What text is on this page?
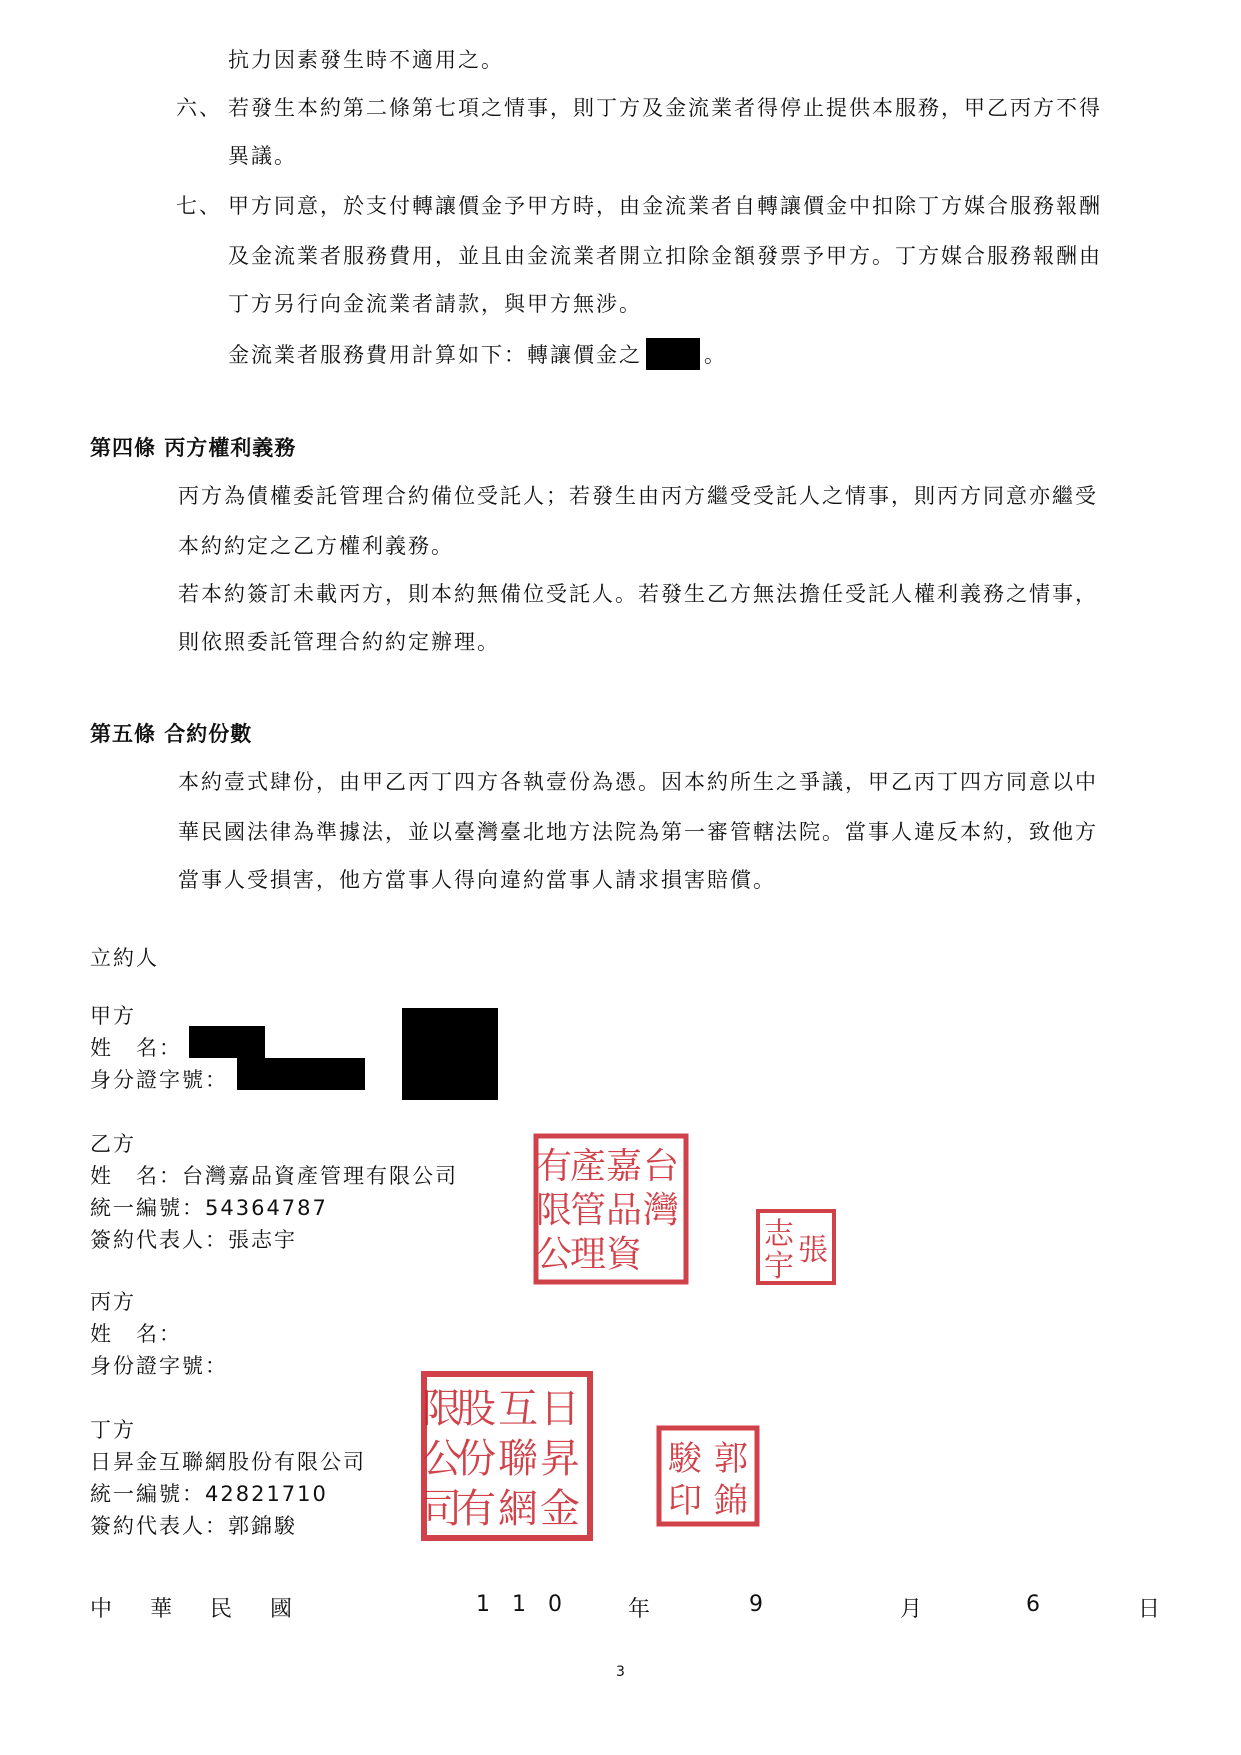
抗力因素發生時不適用之。
六、 若發生本約第二條第七項之情事，則丁方及金流業者得停止提供本服務，甲乙丙方不得
異議。
七、 甲方同意，於支付轉讓價金予甲方時，由金流業者自轉讓價金中扣除丁方媒合服務報酬
及金流業者服務費用，並且由金流業者開立扣除金額發票予甲方。丁方媒合服務報酬由
丁方另行向金流業者請款，與甲方無涉。
金流業者服務費用計算如下：轉讓價金之	。
第四條 丙方權利義務
丙方為債權委託管理合約備位受託人；若發生由丙方繼受受託人之情事，則丙方同意亦繼受
本約約定之乙方權利義務。
若本約簽訂未載丙方，則本約無備位受託人。若發生乙方無法擔任受託人權利義務之情事，
則依照委託管理合約約定辦理。
第五條 合約份數
本約壹式肆份，由甲乙丙丁四方各執壹份為憑。因本約所生之爭議，甲乙丙丁四方同意以中
華民國法律為準據法，並以臺灣臺北地方法院為第一審管轄法院。當事人違反本約，致他方
當事人受損害，他方當事人得向違約當事人請求損害賠償。
立約人
甲方
姓　名：
身分證字號：
乙方
姓　名：台灣嘉品資產管理有限公司
統一編號：54364787
簽約代表人：張志宇
台
灣

嘉
品
資
產
管
理
有
限
公	張
志
宇
丙方
姓　名：
身份證字號：
丁方
日昇金互聯網股份有限公司
統一編號：42821710
簽約代表人：郭錦駿
日
昇
金
互
聯
網
股
份
有
限
公
司
郭
錦
駿
印
中 華 民 國	1 1 0	年	9	月	6	日
3
